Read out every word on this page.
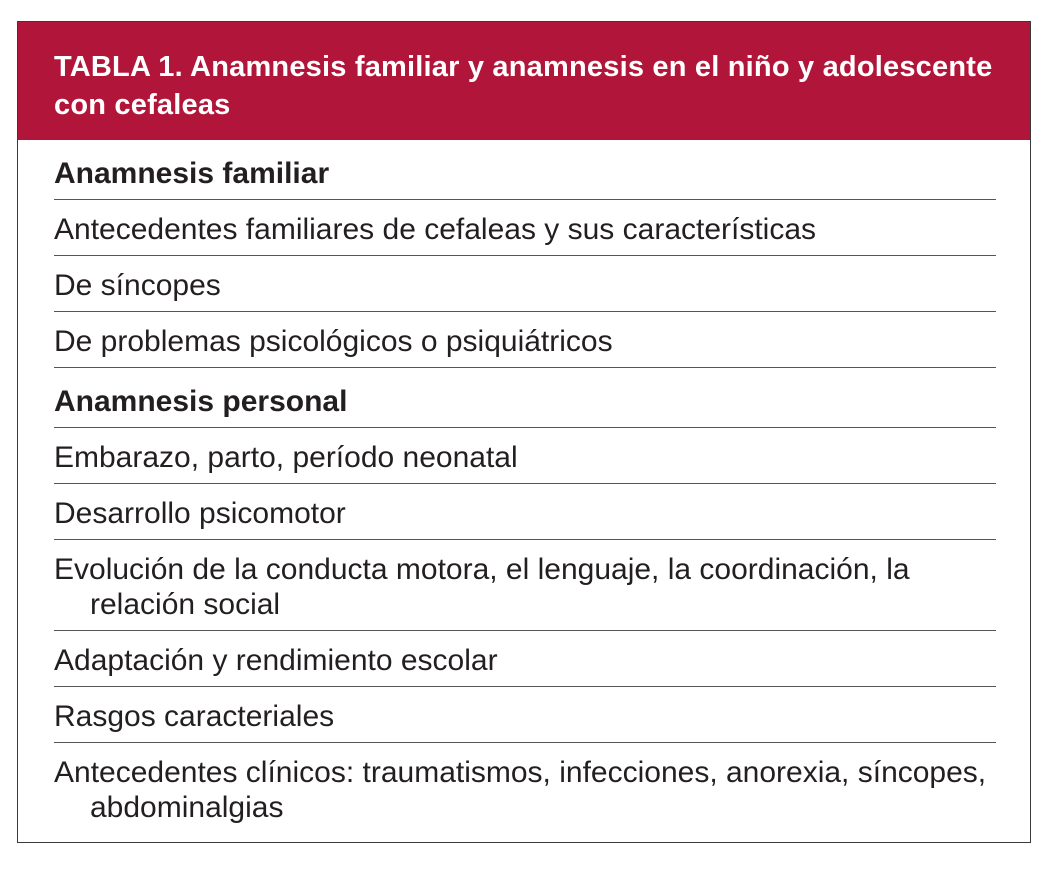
TABLA 1. Anamnesis familiar y anamnesis en el niño y adolescente con cefaleas
Anamnesis familiar
Antecedentes familiares de cefaleas y sus características
De síncopes
De problemas psicológicos o psiquiátricos
Anamnesis personal
Embarazo, parto, período neonatal
Desarrollo psicomotor
Evolución de la conducta motora, el lenguaje, la coordinación, la relación social
Adaptación y rendimiento escolar
Rasgos caracteriales
Antecedentes clínicos: traumatismos, infecciones, anorexia, síncopes, abdominalgias
